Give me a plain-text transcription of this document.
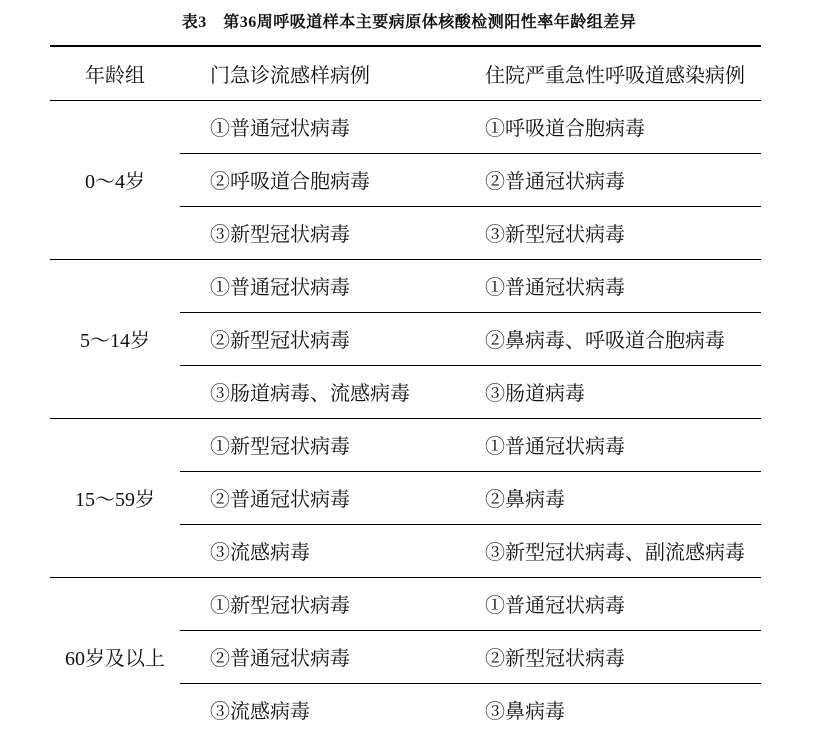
表3　第36周呼吸道样本主要病原体核酸检测阳性率年龄组差异
年龄组	门急诊流感样病例	住院严重急性呼吸道感染病例
0～4岁	①普通冠状病毒	①呼吸道合胞病毒
	②呼吸道合胞病毒	②普通冠状病毒
	③新型冠状病毒	③新型冠状病毒
5～14岁	①普通冠状病毒	①普通冠状病毒
	②新型冠状病毒	②鼻病毒、呼吸道合胞病毒
	③肠道病毒、流感病毒	③肠道病毒
15～59岁	①新型冠状病毒	①普通冠状病毒
	②普通冠状病毒	②鼻病毒
	③流感病毒	③新型冠状病毒、副流感病毒
60岁及以上	①新型冠状病毒	①普通冠状病毒
	②普通冠状病毒	②新型冠状病毒
	③流感病毒	③鼻病毒
